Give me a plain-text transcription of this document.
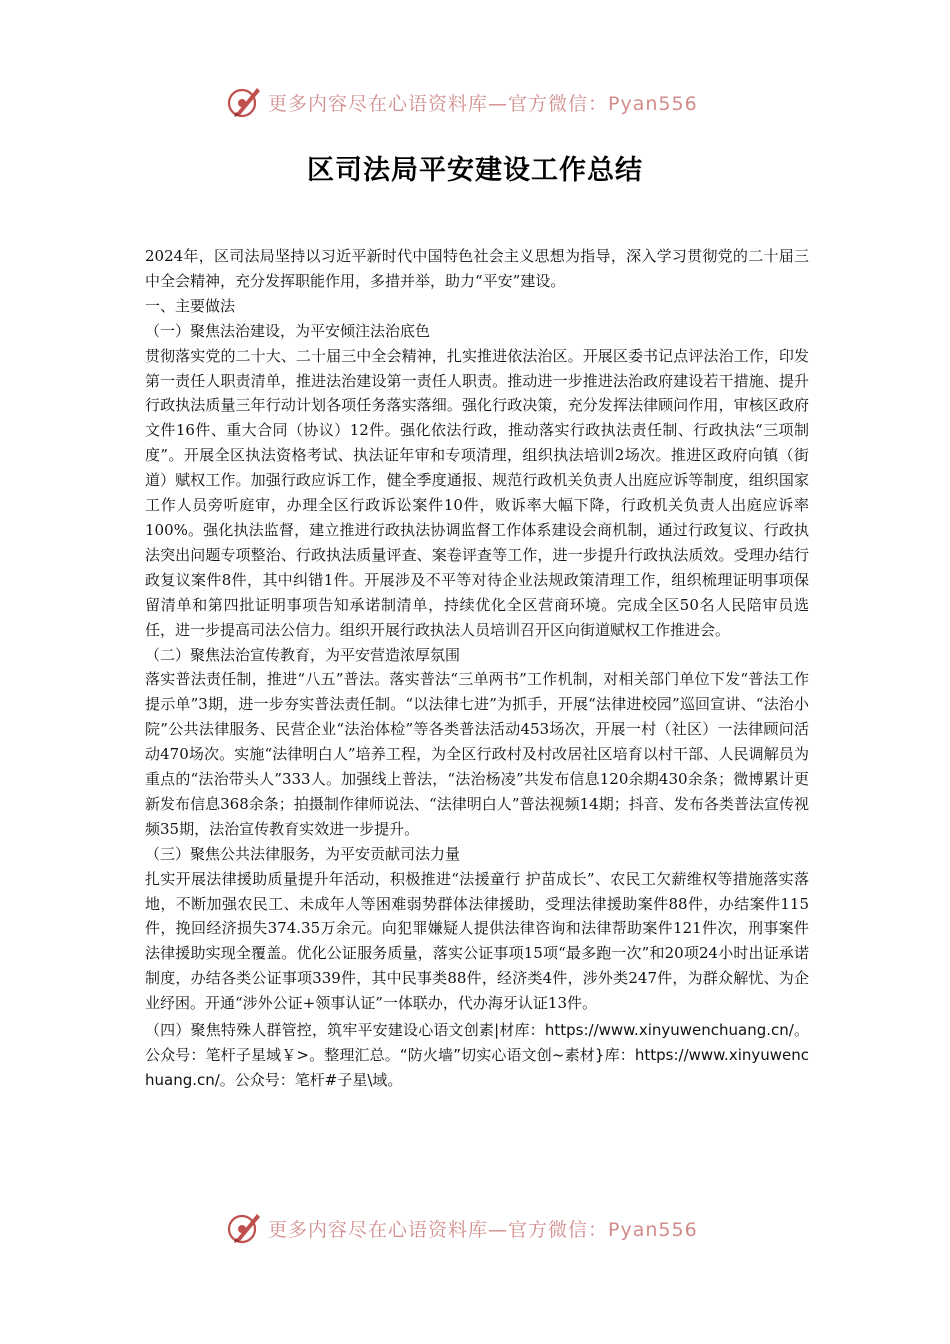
更多内容尽在心语资料库—官方微信：Pyan556
区司法局平安建设工作总结

2024年，区司法局坚持以习近平新时代中国特色社会主义思想为指导，深入学习贯彻党的二十届三中全会精神，充分发挥职能作用，多措并举，助力“平安”建设。

一、主要做法

（一）聚焦法治建设，为平安倾注法治底色

贯彻落实党的二十大、二十届三中全会精神，扎实推进依法治区。开展区委书记点评法治工作，印发第一责任人职责清单，推进法治建设第一责任人职责。推动进一步推进法治政府建设若干措施、提升行政执法质量三年行动计划各项任务落实落细。强化行政决策，充分发挥法律顾问作用，审核区政府文件16件、重大合同（协议）12件。强化依法行政，推动落实行政执法责任制、行政执法“三项制度”。开展全区执法资格考试、执法证年审和专项清理，组织执法培训2场次。推进区政府向镇（街道）赋权工作。加强行政应诉工作，健全季度通报、规范行政机关负责人出庭应诉等制度，组织国家工作人员旁听庭审，办理全区行政诉讼案件10件，败诉率大幅下降，行政机关负责人出庭应诉率100%。强化执法监督，建立推进行政执法协调监督工作体系建设会商机制，通过行政复议、行政执法突出问题专项整治、行政执法质量评查、案卷评查等工作，进一步提升行政执法质效。受理办结行政复议案件8件，其中纠错1件。开展涉及不平等对待企业法规政策清理工作，组织梳理证明事项保留清单和第四批证明事项告知承诺制清单，持续优化全区营商环境。完成全区50名人民陪审员选任，进一步提高司法公信力。组织开展行政执法人员培训召开区向街道赋权工作推进会。

（二）聚焦法治宣传教育，为平安营造浓厚氛围

落实普法责任制，推进“八五”普法。落实普法“三单两书”工作机制，对相关部门单位下发“普法工作提示单”3期，进一步夯实普法责任制。“以法律七进”为抓手，开展“法律进校园”巡回宣讲、“法治小院”公共法律服务、民营企业“法治体检”等各类普法活动453场次，开展一村（社区）一法律顾问活动470场次。实施“法律明白人”培养工程，为全区行政村及村改居社区培育以村干部、人民调解员为重点的“法治带头人”333人。加强线上普法，“法治杨凌”共发布信息120余期430余条；微博累计更新发布信息368余条；拍摄制作律师说法、“法律明白人”普法视频14期；抖音、发布各类普法宣传视频35期，法治宣传教育实效进一步提升。

（三）聚焦公共法律服务，为平安贡献司法力量

扎实开展法律援助质量提升年活动，积极推进“法援童行 护苗成长”、农民工欠薪维权等措施落实落地，不断加强农民工、未成年人等困难弱势群体法律援助，受理法律援助案件88件，办结案件115件，挽回经济损失374.35万余元。向犯罪嫌疑人提供法律咨询和法律帮助案件121件次，刑事案件法律援助实现全覆盖。优化公证服务质量，落实公证事项15项“最多跑一次”和20项24小时出证承诺制度，办结各类公证事项339件，其中民事类88件，经济类4件，涉外类247件，为群众解忧、为企业纾困。开通“涉外公证+领事认证”一体联办，代办海牙认证13件。

（四）聚焦特殊人群管控，筑牢平安建设心语文创素|材库：https://www.xinyuwenchuang.cn/。公众号：笔杆子星域￥>。整理汇总。“防火墙”切实心语文创~素材}库：https://www.xinyuwenchuang.cn/。公众号：笔杆#子星\域。

更多内容尽在心语资料库—官方微信：Pyan556
